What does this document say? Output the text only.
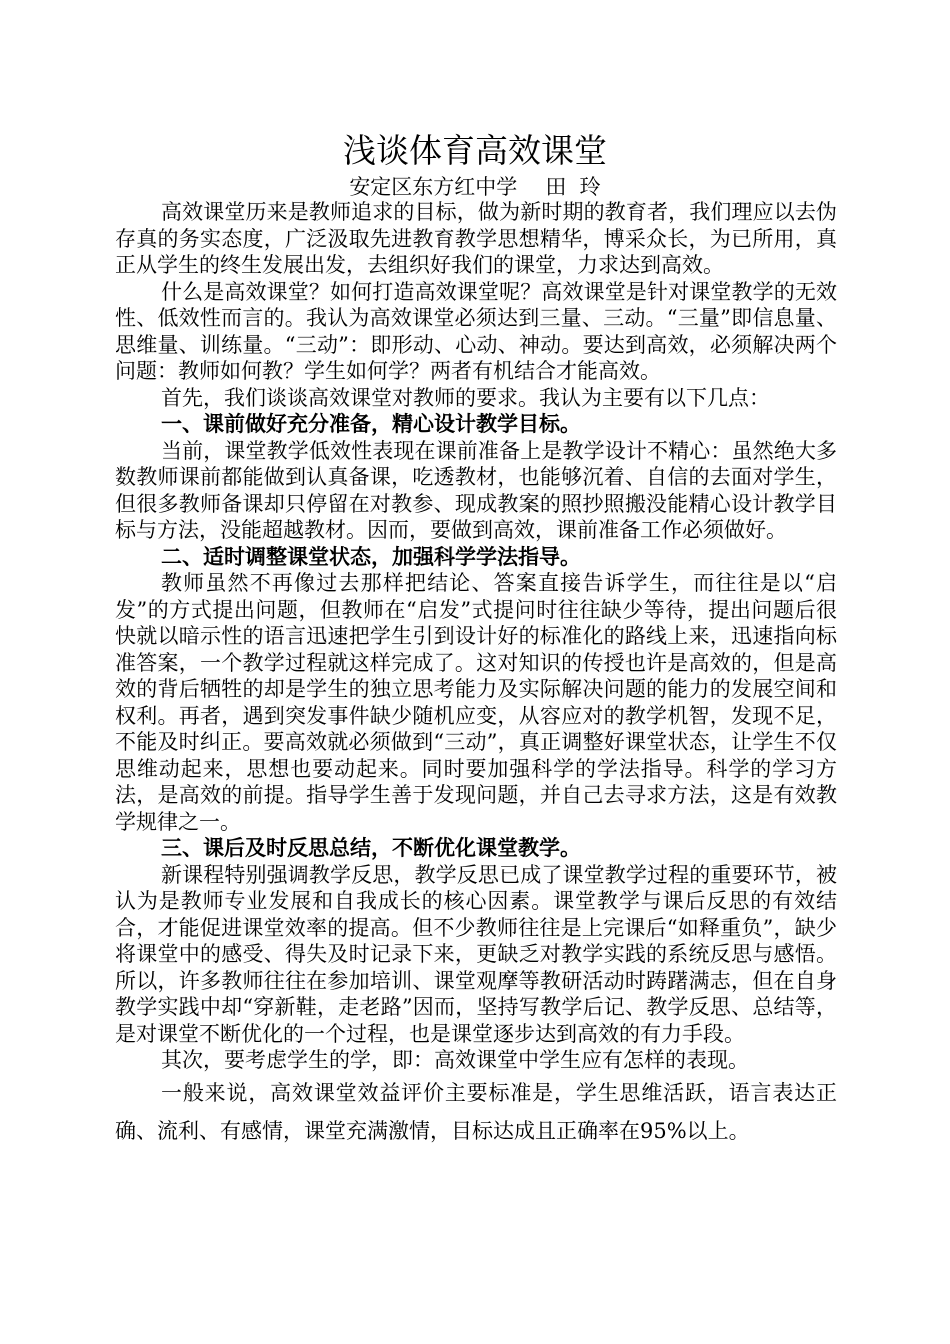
浅谈体育高效课堂
安定区东方红中学 田  玲

高效课堂历来是教师追求的目标，做为新时期的教育者，我们理应以去伪存真的务实态度，广泛汲取先进教育教学思想精华，博采众长，为已所用，真正从学生的终生发展出发，去组织好我们的课堂，力求达到高效。

什么是高效课堂？如何打造高效课堂呢？高效课堂是针对课堂教学的无效性、低效性而言的。我认为高效课堂必须达到三量、三动。“三量”即信息量、思维量、训练量。“三动”：即形动、心动、神动。要达到高效，必须解决两个问题：教师如何教？学生如何学？两者有机结合才能高效。

首先，我们谈谈高效课堂对教师的要求。我认为主要有以下几点：

一、课前做好充分准备，精心设计教学目标。

当前，课堂教学低效性表现在课前准备上是教学设计不精心：虽然绝大多数教师课前都能做到认真备课，吃透教材，也能够沉着、自信的去面对学生，但很多教师备课却只停留在对教参、现成教案的照抄照搬没能精心设计教学目标与方法，没能超越教材。因而，要做到高效，课前准备工作必须做好。

二、适时调整课堂状态，加强科学学法指导。

教师虽然不再像过去那样把结论、答案直接告诉学生，而往往是以“启发”的方式提出问题，但教师在“启发”式提问时往往缺少等待，提出问题后很快就以暗示性的语言迅速把学生引到设计好的标准化的路线上来，迅速指向标准答案，一个教学过程就这样完成了。这对知识的传授也许是高效的，但是高效的背后牺牲的却是学生的独立思考能力及实际解决问题的能力的发展空间和权利。再者，遇到突发事件缺少随机应变，从容应对的教学机智，发现不足，不能及时纠正。要高效就必须做到“三动”，真正调整好课堂状态，让学生不仅思维动起来，思想也要动起来。同时要加强科学的学法指导。科学的学习方法，是高效的前提。指导学生善于发现问题，并自己去寻求方法，这是有效教学规律之一。

三、课后及时反思总结，不断优化课堂教学。

新课程特别强调教学反思，教学反思已成了课堂教学过程的重要环节，被认为是教师专业发展和自我成长的核心因素。课堂教学与课后反思的有效结合，才能促进课堂效率的提高。但不少教师往往是上完课后“如释重负”，缺少将课堂中的感受、得失及时记录下来，更缺乏对教学实践的系统反思与感悟。所以，许多教师往往在参加培训、课堂观摩等教研活动时踌躇满志，但在自身教学实践中却“穿新鞋，走老路”因而，坚持写教学后记、教学反思、总结等，是对课堂不断优化的一个过程，也是课堂逐步达到高效的有力手段。

其次，要考虑学生的学，即：高效课堂中学生应有怎样的表现。

一般来说，高效课堂效益评价主要标准是，学生思维活跃，语言表达正确、流利、有感情，课堂充满激情，目标达成且正确率在95%以上。
